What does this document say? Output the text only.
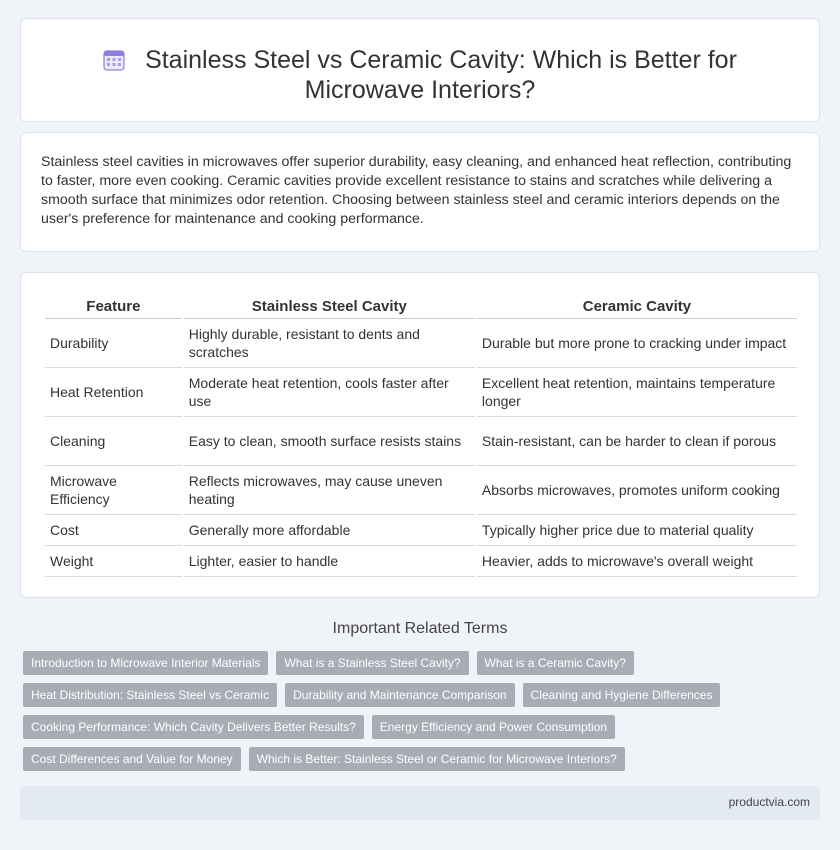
Stainless Steel vs Ceramic Cavity: Which is Better for Microwave Interiors?

Stainless steel cavities in microwaves offer superior durability, easy cleaning, and enhanced heat reflection, contributing to faster, more even cooking. Ceramic cavities provide excellent resistance to stains and scratches while delivering a smooth surface that minimizes odor retention. Choosing between stainless steel and ceramic interiors depends on the user's preference for maintenance and cooking performance.

Feature	Stainless Steel Cavity	Ceramic Cavity
Durability	Highly durable, resistant to dents and scratches	Durable but more prone to cracking under impact
Heat Retention	Moderate heat retention, cools faster after use	Excellent heat retention, maintains temperature longer
Cleaning	Easy to clean, smooth surface resists stains	Stain-resistant, can be harder to clean if porous
Microwave Efficiency	Reflects microwaves, may cause uneven heating	Absorbs microwaves, promotes uniform cooking
Cost	Generally more affordable	Typically higher price due to material quality
Weight	Lighter, easier to handle	Heavier, adds to microwave's overall weight
Important Related Terms
Introduction to Microwave Interior Materials	What is a Stainless Steel Cavity?	What is a Ceramic Cavity?
Heat Distribution: Stainless Steel vs Ceramic	Durability and Maintenance Comparison	Cleaning and Hygiene Differences
Cooking Performance: Which Cavity Delivers Better Results?	Energy Efficiency and Power Consumption
Cost Differences and Value for Money	Which is Better: Stainless Steel or Ceramic for Microwave Interiors?
productvia.com
